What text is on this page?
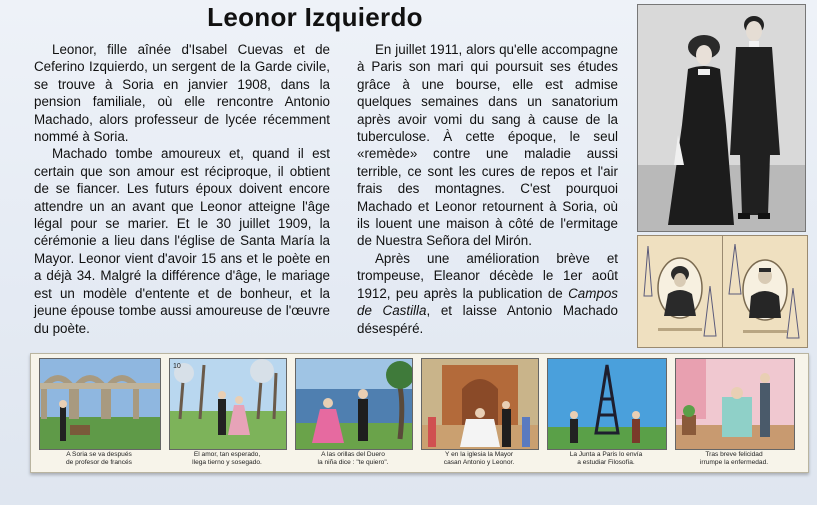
Leonor Izquierdo

Leonor, fille aînée d'Isabel Cuevas et de Ceferino Izquierdo, un sergent de la Garde civile, se trouve à Soria en janvier 1908, dans la pension familiale, où elle rencontre Antonio Machado, alors professeur de lycée récemment nommé à Soria.

Machado tombe amoureux et, quand il est certain que son amour est réciproque, il obtient de se fiancer. Les futurs époux doivent encore attendre un an avant que Leonor atteigne l'âge légal pour se marier. Et le 30 juillet 1909, la cérémonie a lieu dans l'église de Santa María la Mayor. Leonor vient d'avoir 15 ans et le poète en a déjà 34. Malgré la différence d'âge, le mariage est un modèle d'entente et de bonheur, et la jeune épouse tombe aussi amoureuse de l'œuvre du poète.

En juillet 1911, alors qu'elle accompagne à Paris son mari qui poursuit ses études grâce à une bourse, elle est admise quelques semaines dans un sanatorium après avoir vomi du sang à cause de la tuberculose. À cette époque, le seul «remède» contre une maladie aussi terrible, ce sont les cures de repos et l'air frais des montagnes. C'est pourquoi Machado et Leonor retournent à Soria, où ils louent une maison à côté de l'ermitage de Nuestra Señora del Mirón.

Après une amélioration brève et trompeuse, Eleanor décède le 1er août 1912, peu après la publication de Campos de Castilla, et laisse Antonio Machado désespéré.

10
A Soria se va después
de profesor de francés
El amor, tan esperado,
llega tierno y sosegado.
A las orillas del Duero
la niña dice : "te quiero".
Y en la iglesia la Mayor
casan Antonio y Leonor.
La Junta a Paris lo envía
a estudiar Filosofía.
Tras breve felicidad
irrumpe la enfermedad.
